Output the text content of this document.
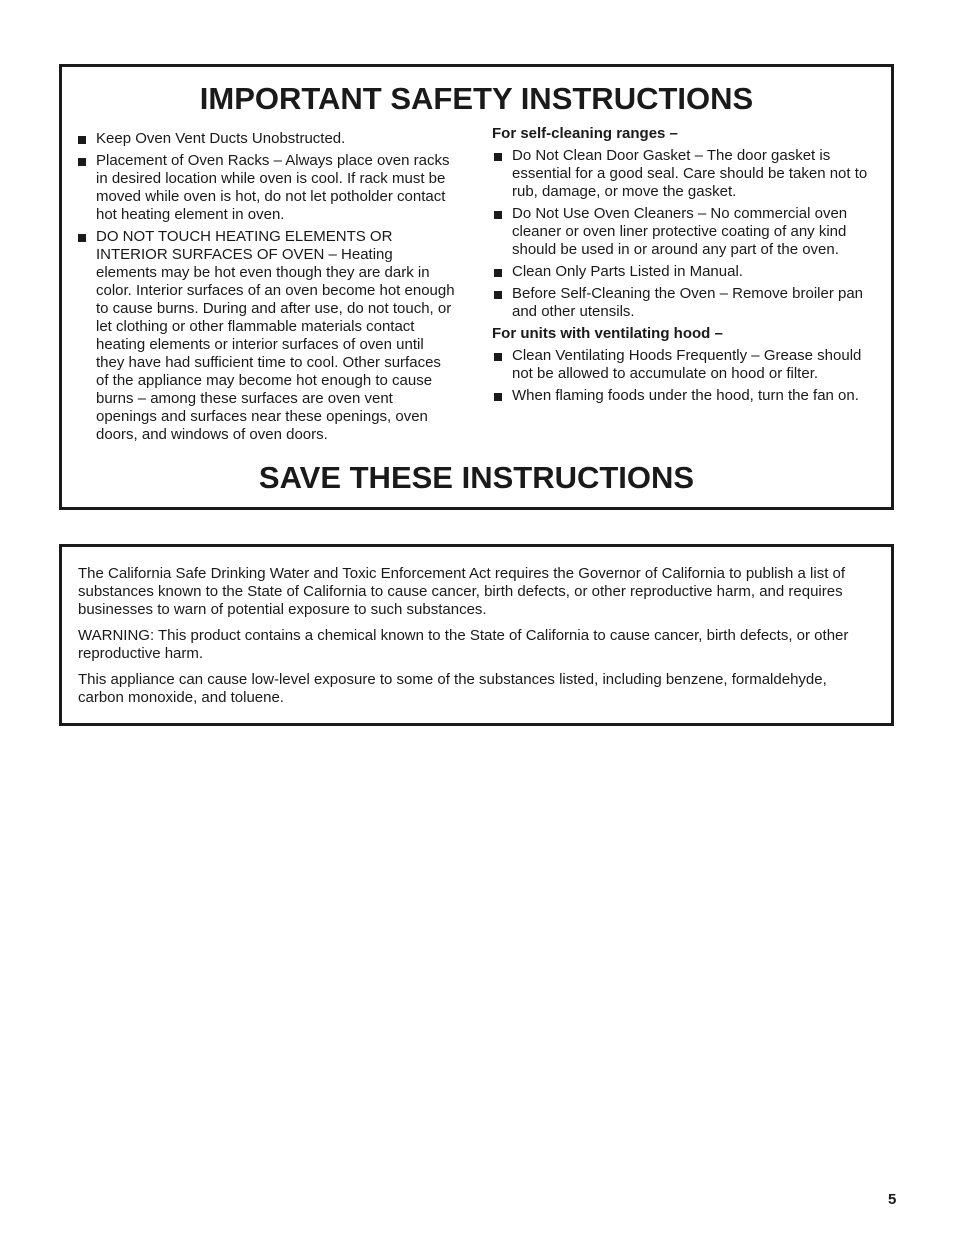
IMPORTANT SAFETY INSTRUCTIONS
Keep Oven Vent Ducts Unobstructed.
Placement of Oven Racks – Always place oven racks in desired location while oven is cool. If rack must be moved while oven is hot, do not let potholder contact hot heating element in oven.
DO NOT TOUCH HEATING ELEMENTS OR INTERIOR SURFACES OF OVEN – Heating elements may be hot even though they are dark in color. Interior surfaces of an oven become hot enough to cause burns. During and after use, do not touch, or let clothing or other flammable materials contact heating elements or interior surfaces of oven until they have had sufficient time to cool. Other surfaces of the appliance may become hot enough to cause burns – among these surfaces are oven vent openings and surfaces near these openings, oven doors, and windows of oven doors.

For self-cleaning ranges –

Do Not Clean Door Gasket – The door gasket is essential for a good seal. Care should be taken not to rub, damage, or move the gasket.
Do Not Use Oven Cleaners – No commercial oven cleaner or oven liner protective coating of any kind should be used in or around any part of the oven.
Clean Only Parts Listed in Manual.
Before Self-Cleaning the Oven – Remove broiler pan and other utensils.

For units with ventilating hood –

Clean Ventilating Hoods Frequently – Grease should not be allowed to accumulate on hood or filter.
When flaming foods under the hood, turn the fan on.
SAVE THESE INSTRUCTIONS

The California Safe Drinking Water and Toxic Enforcement Act requires the Governor of California to publish a list of substances known to the State of California to cause cancer, birth defects, or other reproductive harm, and requires businesses to warn of potential exposure to such substances.

WARNING: This product contains a chemical known to the State of California to cause cancer, birth defects, or other reproductive harm.

This appliance can cause low-level exposure to some of the substances listed, including benzene, formaldehyde, carbon monoxide, and toluene.

5
